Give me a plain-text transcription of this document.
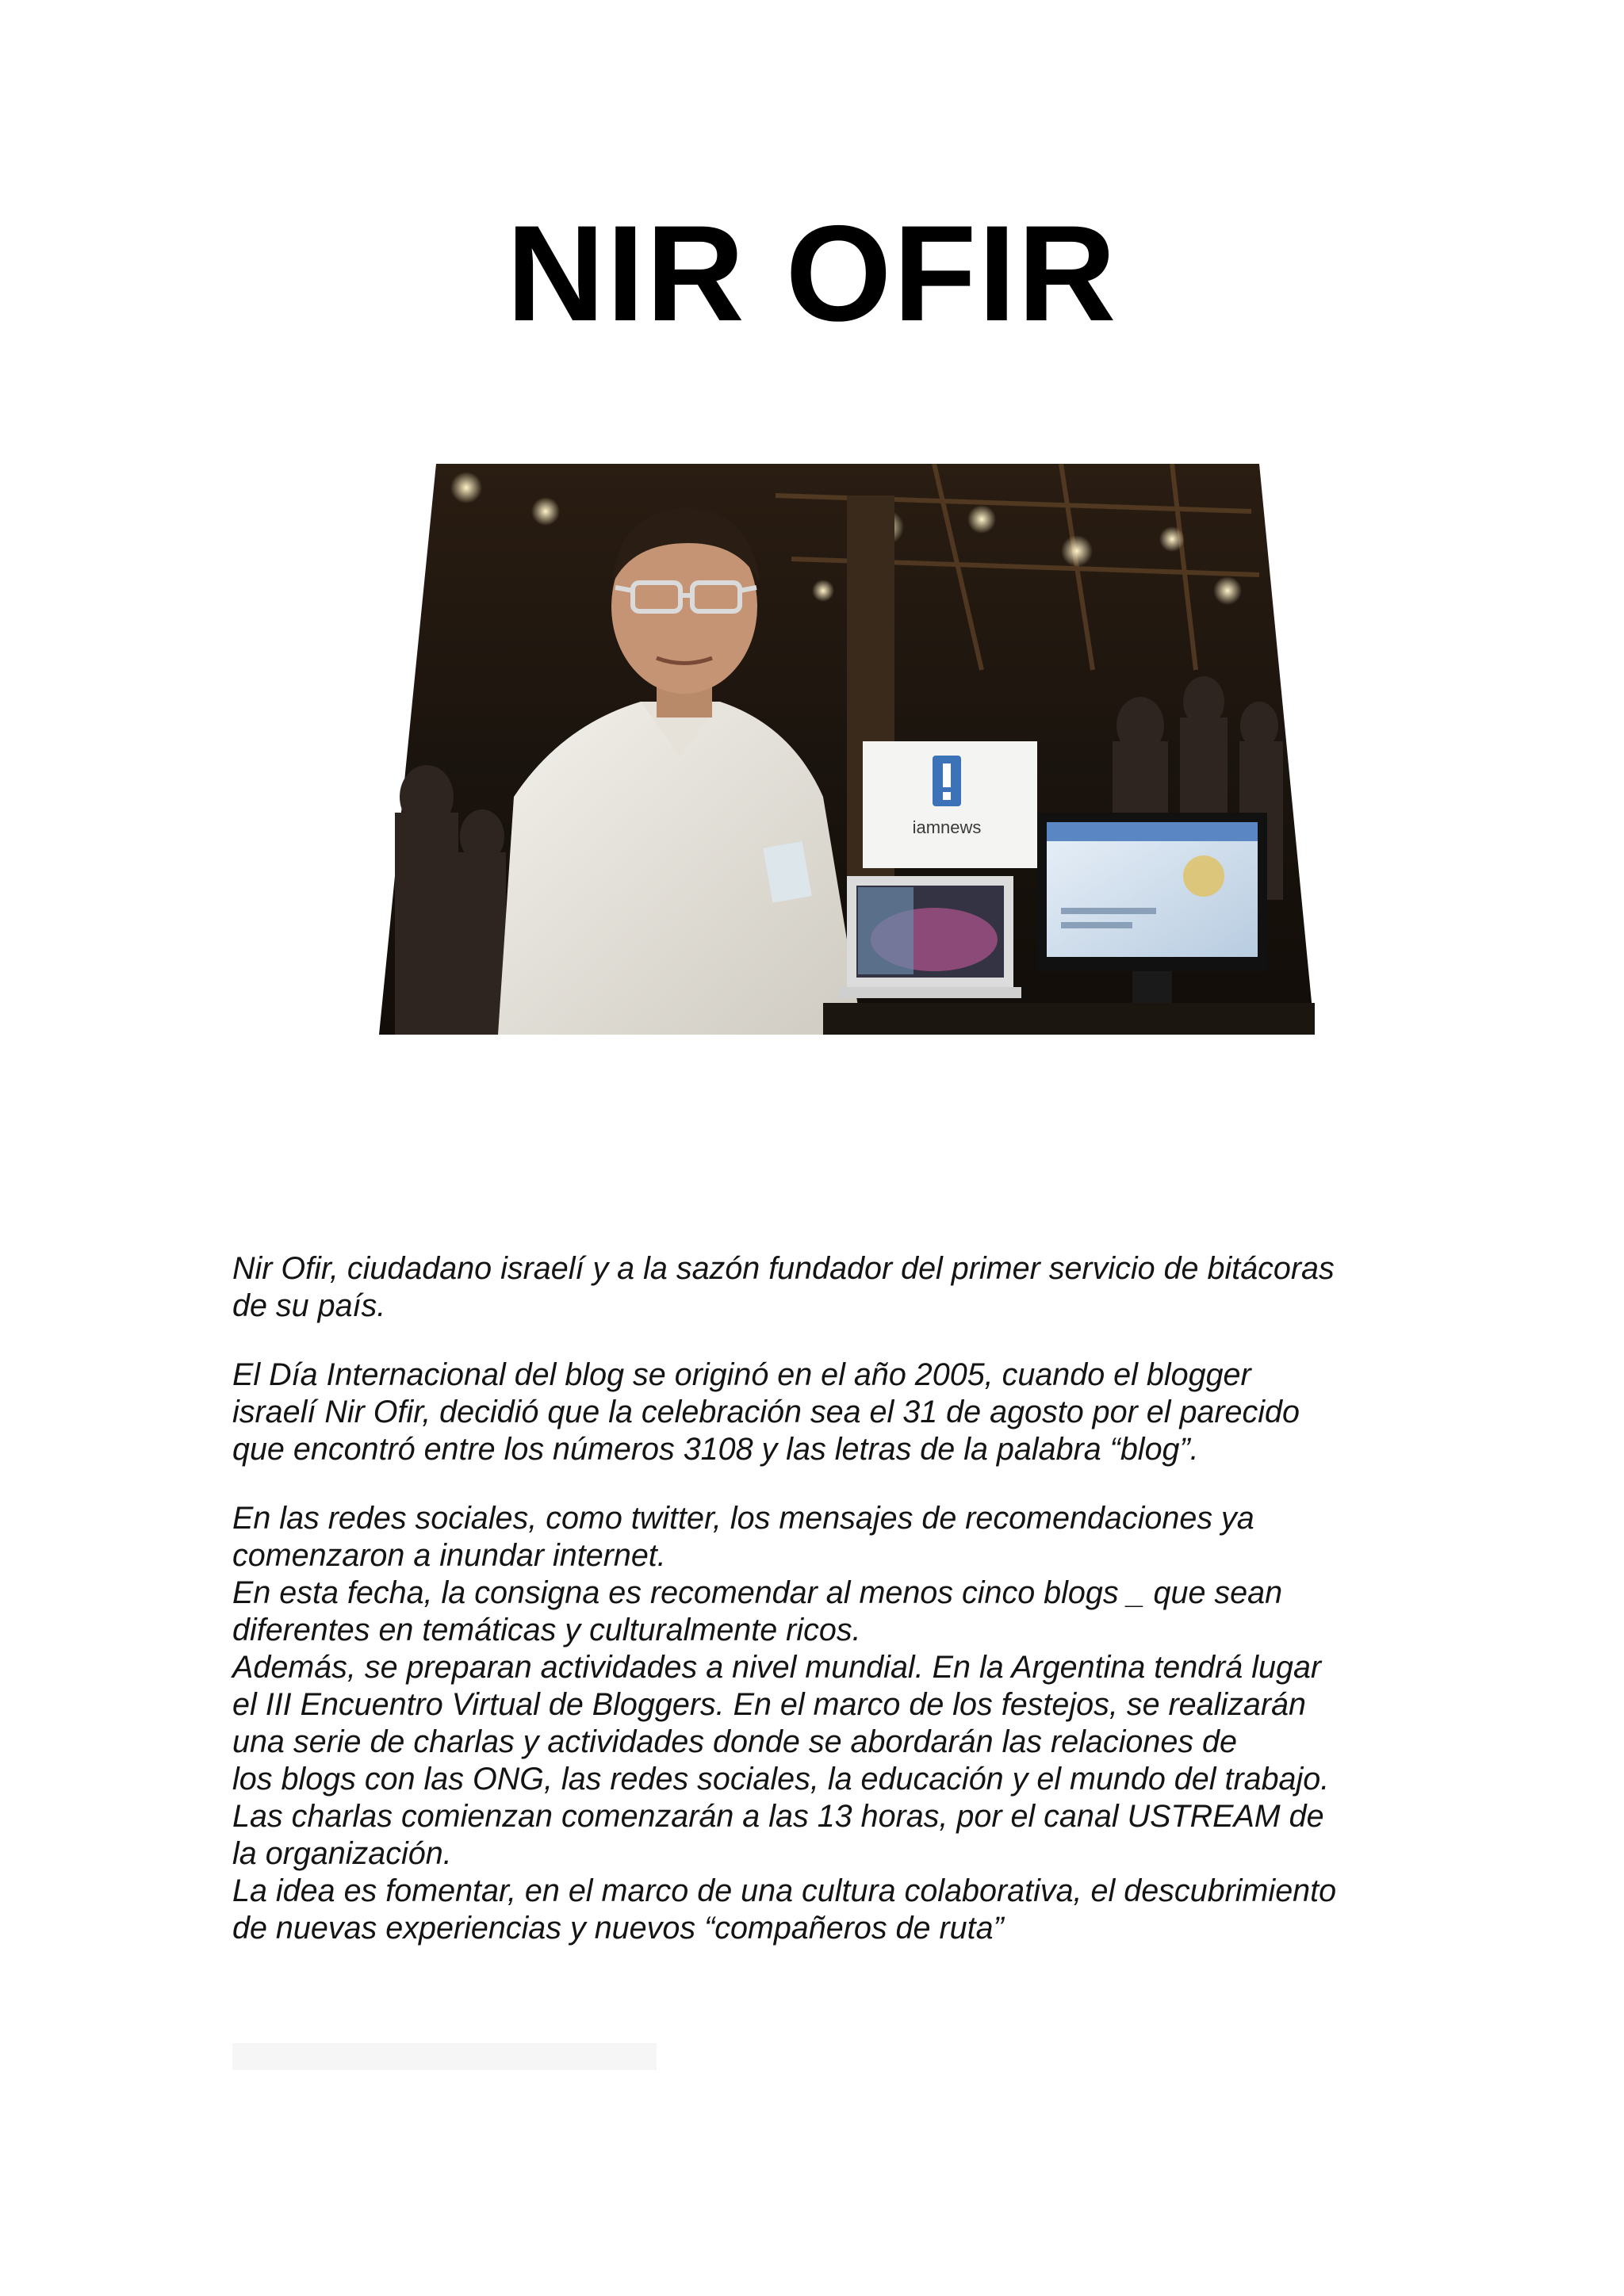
NIR OFIR
iamnews

Nir Ofir, ciudadano israelí y a la sazón fundador del primer servicio de bitácoras
de su país.

El Día Internacional del blog se originó en el año 2005, cuando el blogger
israelí Nir Ofir, decidió que la celebración sea el 31 de agosto por el parecido
que encontró entre los números 3108 y las letras de la palabra “blog”.

En las redes sociales, como twitter, los mensajes de recomendaciones ya
comenzaron a inundar internet.
En esta fecha, la consigna es recomendar al menos cinco blogs _ que sean
diferentes en temáticas y culturalmente ricos.
Además, se preparan actividades a nivel mundial. En la Argentina tendrá lugar
el III Encuentro Virtual de Bloggers. En el marco de los festejos, se realizarán
una serie de charlas y actividades donde se abordarán las relaciones de
los blogs con las ONG, las redes sociales, la educación y el mundo del trabajo.
Las charlas comienzan comenzarán a las 13 horas, por el canal USTREAM de
la organización.
La idea es fomentar, en el marco de una cultura colaborativa, el descubrimiento
de nuevas experiencias y nuevos “compañeros de ruta”
